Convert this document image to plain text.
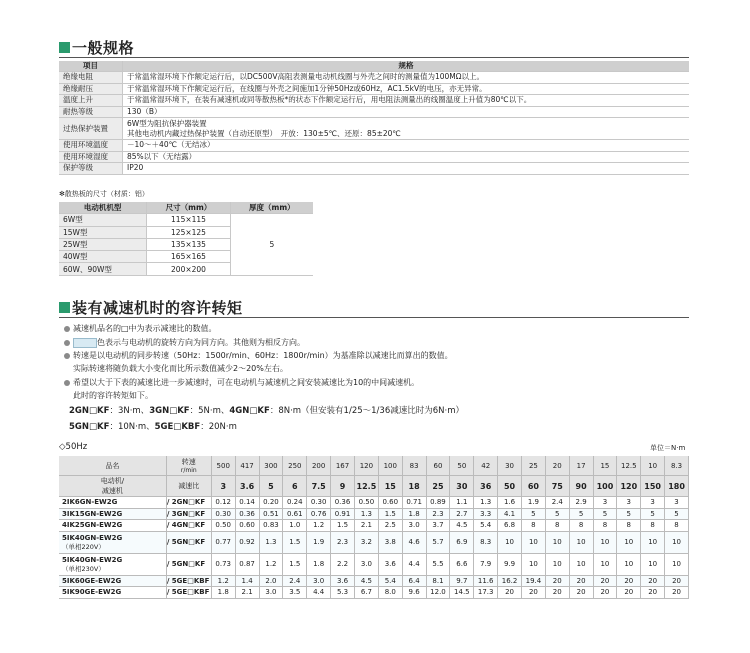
一般规格
项目	规格
绝缘电阻	于常温常湿环境下作额定运行后，以DC500V高阻表测量电动机线圈与外壳之间时的测量值为100MΩ以上。
绝缘耐压	于常温常湿环境下作额定运行后，在线圈与外壳之间施加1分钟50Hz或60Hz，AC1.5kV的电压，亦无异常。
温度上升	于常温常湿环境下，在装有减速机或同等散热板*的状态下作额定运行后，用电阻法测量出的线圈温度上升值为80℃以下。
耐热等级	130（B）
过热保护装置	6W型为阻抗保护器装置
其他电动机内藏过热保护装置（自动还原型）　开放：130±5℃、还原：85±20℃

使用环境温度	－10～＋40℃（无结冰）
使用环境湿度	85%以下（无结露）
保护等级	IP20
✻散热板的尺寸（材质：铝）
电动机机型	尺寸（mm）	厚度（mm）
6W型	115×115	5
15W型	125×125	
25W型	135×135	
40W型	165×165	
60W、90W型	200×200	
装有减速机时的容许转矩
减速机品名的□中为表示减速比的数值。
色表示与电动机的旋转方向为同方向。其他则为相反方向。
转速是以电动机的同步转速（50Hz：1500r/min、60Hz：1800r/min）为基准除以减速比而算出的数值。
实际转速将随负载大小变化而比所示数值减少2～20%左右。
希望以大于下表的减速比进一步减速时，可在电动机与减速机之间安装减速比为10的中间减速机。
此时的容许转矩如下。
2GN□KF：3N·m、3GN□KF：5N·m、4GN□KF：8N·m（但安装有1/25～1/36减速比时为6N·m）
5GN□KF：10N·m、5GE□KBF：20N·m
◇50Hz	单位＝N·m
品名	转速
r/min	500	417	300	250	200	167	120	100	83	60	50	42	30	25	20	17	15	12.5	10	8.3

电动机/
减速机	减速比	3	3.6	5	6	7.5	9	12.5	15	18	25	30	36	50	60	75	90	100	120	150	180

2IK6GN-EW2G	/ 2GN□KF	0.12	0.14	0.20	0.24	0.30	0.36	0.50	0.60	0.71	0.89	1.1	1.3	1.6	1.9	2.4	2.9	3	3	3	3

3IK15GN-EW2G	/ 3GN□KF	0.30	0.36	0.51	0.61	0.76	0.91	1.3	1.5	1.8	2.3	2.7	3.3	4.1	5	5	5	5	5	5	5

4IK25GN-EW2G	/ 4GN□KF	0.50	0.60	0.83	1.0	1.2	1.5	2.1	2.5	3.0	3.7	4.5	5.4	6.8	8	8	8	8	8	8	8

5IK40GN-EW2G
（单相220V）	/ 5GN□KF	0.77	0.92	1.3	1.5	1.9	2.3	3.2	3.8	4.6	5.7	6.9	8.3	10	10	10	10	10	10	10	10

5IK40GN-EW2G
（单相230V）	/ 5GN□KF	0.73	0.87	1.2	1.5	1.8	2.2	3.0	3.6	4.4	5.5	6.6	7.9	9.9	10	10	10	10	10	10	10

5IK60GE-EW2G	/ 5GE□KBF	1.2	1.4	2.0	2.4	3.0	3.6	4.5	5.4	6.4	8.1	9.7	11.6	16.2	19.4	20	20	20	20	20	20

5IK90GE-EW2G	/ 5GE□KBF	1.8	2.1	3.0	3.5	4.4	5.3	6.7	8.0	9.6	12.0	14.5	17.3	20	20	20	20	20	20	20	20
